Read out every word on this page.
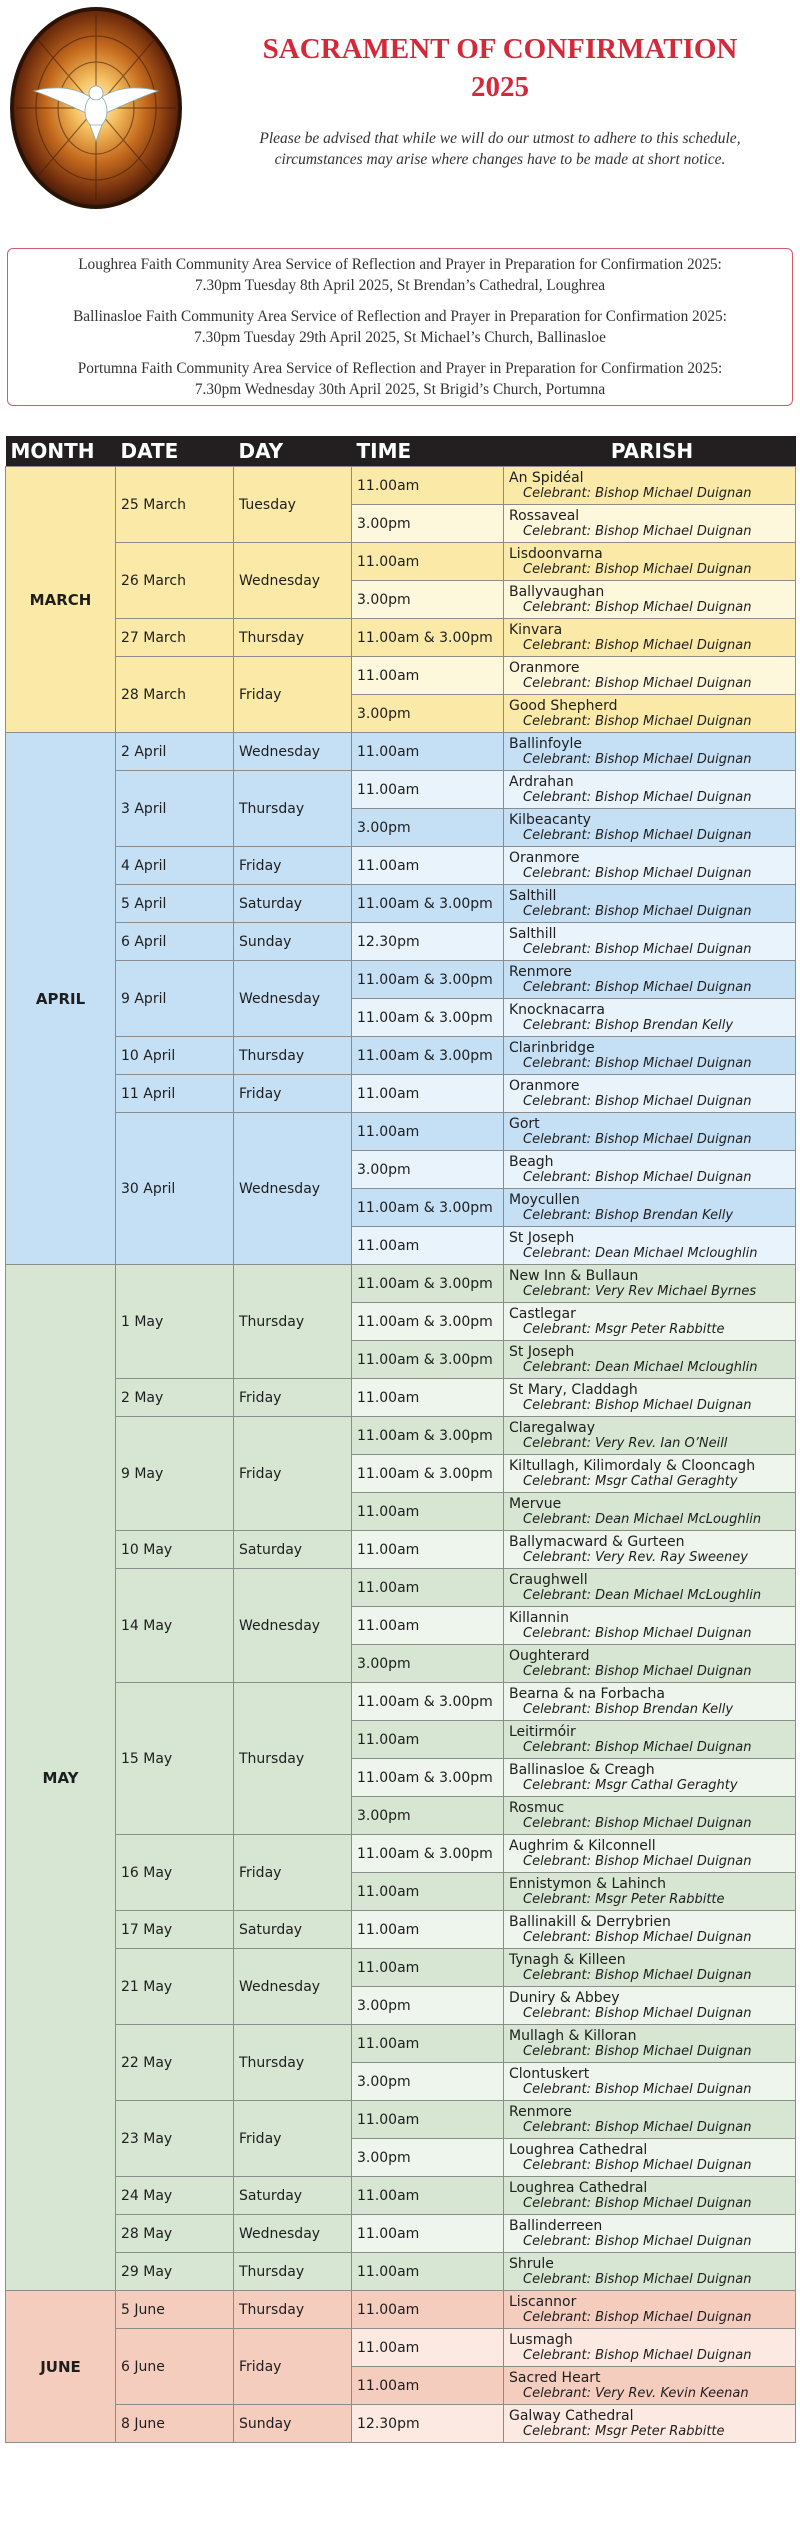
SACRAMENT OF CONFIRMATION
2025
Please be advised that while we will do our utmost to adhere to this schedule,
circumstances may arise where changes have to be made at short notice.

Loughrea Faith Community Area Service of Reflection and Prayer in Preparation for Confirmation 2025:
7.30pm Tuesday 8th April 2025, St Brendan’s Cathedral, Loughrea

Ballinasloe Faith Community Area Service of Reflection and Prayer in Preparation for Confirmation 2025:
7.30pm Tuesday 29th April 2025, St Michael’s Church, Ballinasloe

Portumna Faith Community Area Service of Reflection and Prayer in Preparation for Confirmation 2025:
7.30pm Wednesday 30th April 2025, St Brigid’s Church, Portumna

MONTH	DATE	DAY	TIME	PARISH
MARCH	25 March	Tuesday	11.00am	An Spidéal
Celebrant: Bishop Michael Duignan

			3.00pm	Rossaveal
Celebrant: Bishop Michael Duignan

	26 March	Wednesday	11.00am	Lisdoonvarna
Celebrant: Bishop Michael Duignan

			3.00pm	Ballyvaughan
Celebrant: Bishop Michael Duignan

	27 March	Thursday	11.00am & 3.00pm	Kinvara
Celebrant: Bishop Michael Duignan

	28 March	Friday	11.00am	Oranmore
Celebrant: Bishop Michael Duignan

			3.00pm	Good Shepherd
Celebrant: Bishop Michael Duignan

APRIL	2 April	Wednesday	11.00am	Ballinfoyle
Celebrant: Bishop Michael Duignan

	3 April	Thursday	11.00am	Ardrahan
Celebrant: Bishop Michael Duignan

			3.00pm	Kilbeacanty
Celebrant: Bishop Michael Duignan

	4 April	Friday	11.00am	Oranmore
Celebrant: Bishop Michael Duignan

	5 April	Saturday	11.00am & 3.00pm	Salthill
Celebrant: Bishop Michael Duignan

	6 April	Sunday	12.30pm	Salthill
Celebrant: Bishop Michael Duignan

	9 April	Wednesday	11.00am & 3.00pm	Renmore
Celebrant: Bishop Michael Duignan

			11.00am & 3.00pm	Knocknacarra
Celebrant: Bishop Brendan Kelly

	10 April	Thursday	11.00am & 3.00pm	Clarinbridge
Celebrant: Bishop Michael Duignan

	11 April	Friday	11.00am	Oranmore
Celebrant: Bishop Michael Duignan

	30 April	Wednesday	11.00am	Gort
Celebrant: Bishop Michael Duignan

			3.00pm	Beagh
Celebrant: Bishop Michael Duignan

			11.00am & 3.00pm	Moycullen
Celebrant: Bishop Brendan Kelly

			11.00am	St Joseph
Celebrant: Dean Michael Mcloughlin

MAY	1 May	Thursday	11.00am & 3.00pm	New Inn & Bullaun
Celebrant: Very Rev Michael Byrnes

			11.00am & 3.00pm	Castlegar
Celebrant: Msgr Peter Rabbitte

			11.00am & 3.00pm	St Joseph
Celebrant: Dean Michael Mcloughlin

	2 May	Friday	11.00am	St Mary, Claddagh
Celebrant: Bishop Michael Duignan

	9 May	Friday	11.00am & 3.00pm	Claregalway
Celebrant: Very Rev. Ian O’Neill

			11.00am & 3.00pm	Kiltullagh, Kilimordaly & Clooncagh
Celebrant: Msgr Cathal Geraghty

			11.00am	Mervue
Celebrant: Dean Michael McLoughlin

	10 May	Saturday	11.00am	Ballymacward & Gurteen
Celebrant: Very Rev. Ray Sweeney

	14 May	Wednesday	11.00am	Craughwell
Celebrant: Dean Michael McLoughlin

			11.00am	Killannin
Celebrant: Bishop Michael Duignan

			3.00pm	Oughterard
Celebrant: Bishop Michael Duignan

	15 May	Thursday	11.00am & 3.00pm	Bearna & na Forbacha
Celebrant: Bishop Brendan Kelly

			11.00am	Leitirmóir
Celebrant: Bishop Michael Duignan

			11.00am & 3.00pm	Ballinasloe & Creagh
Celebrant: Msgr Cathal Geraghty

			3.00pm	Rosmuc
Celebrant: Bishop Michael Duignan

	16 May	Friday	11.00am & 3.00pm	Aughrim & Kilconnell
Celebrant: Bishop Michael Duignan

			11.00am	Ennistymon & Lahinch
Celebrant: Msgr Peter Rabbitte

	17 May	Saturday	11.00am	Ballinakill & Derrybrien
Celebrant: Bishop Michael Duignan

	21 May	Wednesday	11.00am	Tynagh & Killeen
Celebrant: Bishop Michael Duignan

			3.00pm	Duniry & Abbey
Celebrant: Bishop Michael Duignan

	22 May	Thursday	11.00am	Mullagh & Killoran
Celebrant: Bishop Michael Duignan

			3.00pm	Clontuskert
Celebrant: Bishop Michael Duignan

	23 May	Friday	11.00am	Renmore
Celebrant: Bishop Michael Duignan

			3.00pm	Loughrea Cathedral
Celebrant: Bishop Michael Duignan

	24 May	Saturday	11.00am	Loughrea Cathedral
Celebrant: Bishop Michael Duignan

	28 May	Wednesday	11.00am	Ballinderreen
Celebrant: Bishop Michael Duignan

	29 May	Thursday	11.00am	Shrule
Celebrant: Bishop Michael Duignan

JUNE	5 June	Thursday	11.00am	Liscannor
Celebrant: Bishop Michael Duignan

	6 June	Friday	11.00am	Lusmagh
Celebrant: Bishop Michael Duignan

			11.00am	Sacred Heart
Celebrant: Very Rev. Kevin Keenan

	8 June	Sunday	12.30pm	Galway Cathedral
Celebrant: Msgr Peter Rabbitte
